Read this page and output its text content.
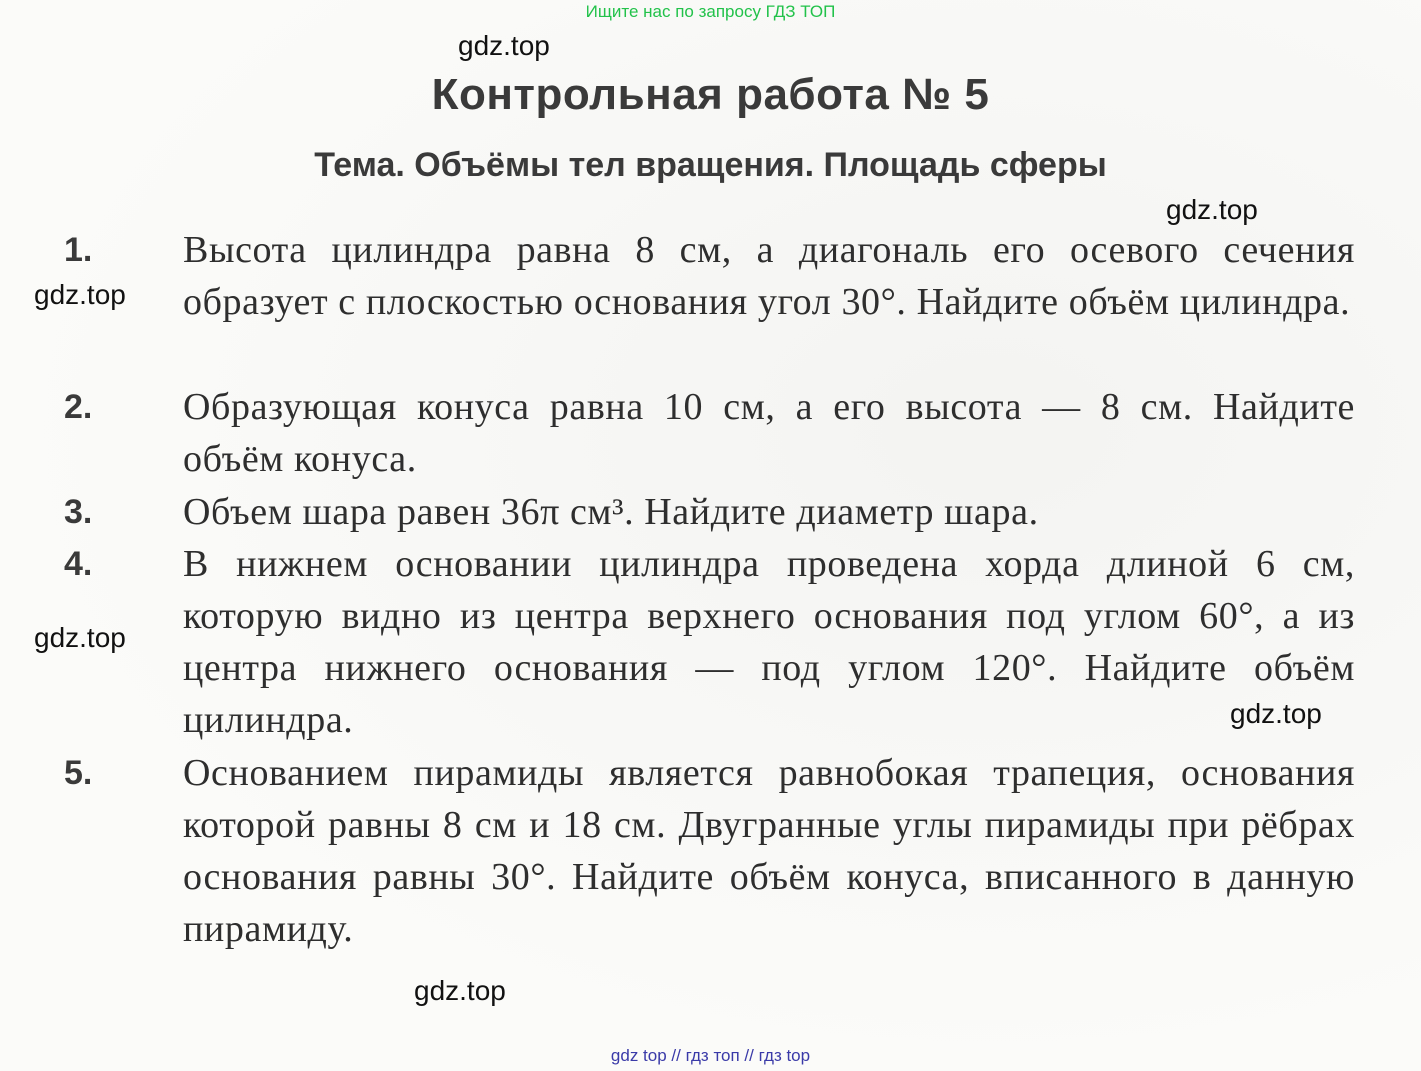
Ищите нас по запросу ГДЗ ТОП
gdz.top
gdz.top
gdz.top
gdz.top
gdz.top
gdz.top
Контрольная работа № 5
Тема. Объёмы тел вращения. Площадь сферы
1. Высота цилиндра равна 8 см, а диагональ его осевого сечения образует с плоскостью основания угол 30°. Найдите объём цилиндра.
2. Образующая конуса равна 10 см, а его высота — 8 см. Найдите объём конуса.
3. Объем шара равен 36π см³. Найдите диаметр шара.
4. В нижнем основании цилиндра проведена хорда длиной 6 см, которую видно из центра верхнего основания под углом 60°, а из центра нижнего основания — под углом 120°. Найдите объём цилиндра.
5. Основанием пирамиды является равнобокая трапеция, основания которой равны 8 см и 18 см. Двугранные углы пирамиды при рёбрах основания равны 30°. Найдите объём конуса, вписанного в данную пирамиду.
gdz top // гдз топ // гдз top
